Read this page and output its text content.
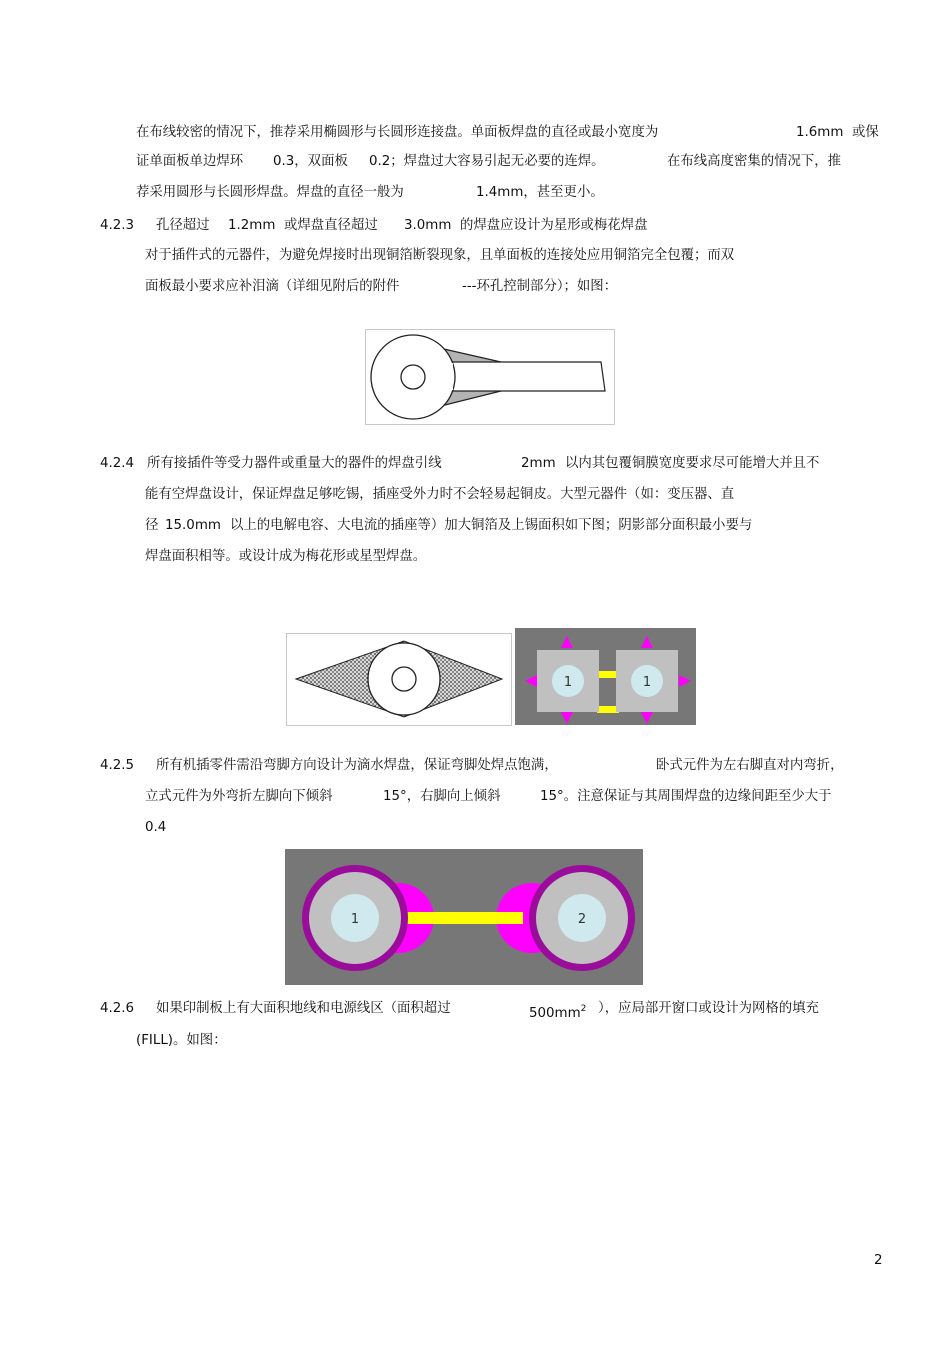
在布线较密的情况下，推荐采用椭圆形与长圆形连接盘。单面板焊盘的直径或最小宽度为	1.6mm 或保
证单面板单边焊环 0.3，双面板 0.2；焊盘过大容易引起无必要的连焊。	在布线高度密集的情况下，推
荐采用圆形与长圆形焊盘。焊盘的直径一般为	1.4mm，甚至更小。
4.2.3 孔径超过 1.2mm 或焊盘直径超过 3.0mm 的焊盘应设计为星形或梅花焊盘
对于插件式的元器件，为避免焊接时出现铜箔断裂现象，且单面板的连接处应用铜箔完全包覆；而双
面板最小要求应补泪滴（详细见附后的附件	---环孔控制部分）；如图：
4.2.4 所有接插件等受力器件或重量大的器件的焊盘引线	2mm 以内其包覆铜膜宽度要求尽可能增大并且不
能有空焊盘设计，保证焊盘足够吃锡，插座受外力时不会轻易起铜皮。大型元器件（如：变压器、直
径 15.0mm 以上的电解电容、大电流的插座等）加大铜箔及上锡面积如下图；阴影部分面积最小要与
焊盘面积相等。或设计成为梅花形或星型焊盘。
1	1
4.2.5 所有机插零件需沿弯脚方向设计为滴水焊盘，保证弯脚处焊点饱满，	卧式元件为左右脚直对内弯折，
立式元件为外弯折左脚向下倾斜	15°，右脚向上倾斜	15°。注意保证与其周围焊盘的边缘间距至少大于
0.4
1	2
4.2.6 如果印制板上有大面积地线和电源线区（面积超过	$500mm^2$ ），应局部开窗口或设计为网格的填充
(FILL)。如图：
2
